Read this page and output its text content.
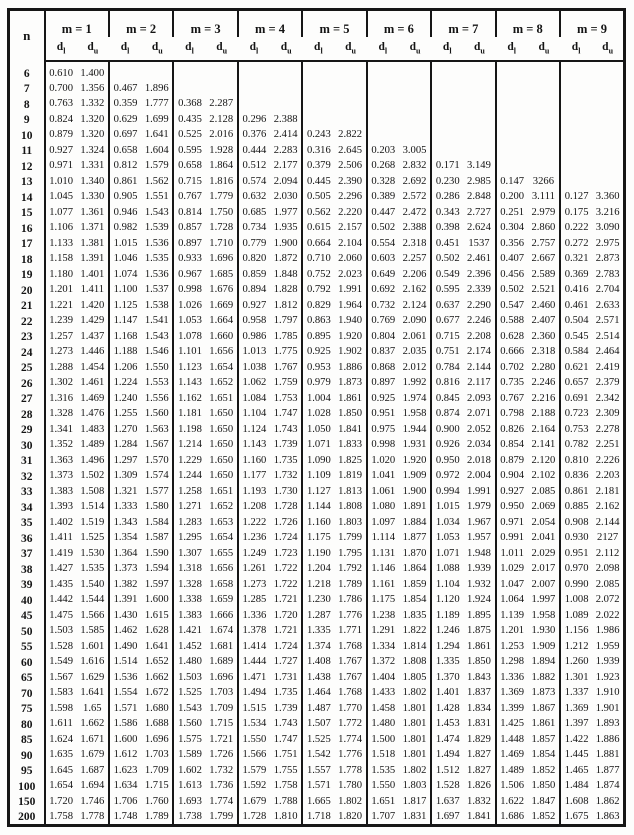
n	m = 1		m = 2		m = 3		m = 4		m = 5		m = 6		m = 7		m = 8		m = 9	
	$d_l$	$d_u$	$d_l$	$d_u$	$d_l$	$d_u$	$d_l$	$d_u$	$d_l$	$d_u$	$d_l$	$d_u$	$d_l$	$d_u$	$d_l$	$d_u$	$d_l$	$d_u$
6	0.610	1.400																
7	0.700	1.356	0.467	1.896														
8	0.763	1.332	0.359	1.777	0.368	2.287												
9	0.824	1.320	0.629	1.699	0.435	2.128	0.296	2.388										
10	0.879	1.320	0.697	1.641	0.525	2.016	0.376	2.414	0.243	2.822								
11	0.927	1.324	0.658	1.604	0.595	1.928	0.444	2.283	0.316	2.645	0.203	3.005						
12	0.971	1.331	0.812	1.579	0.658	1.864	0.512	2.177	0.379	2.506	0.268	2.832	0.171	3.149				
13	1.010	1.340	0.861	1.562	0.715	1.816	0.574	2.094	0.445	2.390	0.328	2.692	0.230	2.985	0.147	3266		
14	1.045	1.330	0.905	1.551	0.767	1.779	0.632	2.030	0.505	2.296	0.389	2.572	0.286	2.848	0.200	3.111	0.127	3.360
15	1.077	1.361	0.946	1.543	0.814	1.750	0.685	1.977	0.562	2.220	0.447	2.472	0.343	2.727	0.251	2.979	0.175	3.216
16	1.106	1.371	0.982	1.539	0.857	1.728	0.734	1.935	0.615	2.157	0.502	2.388	0.398	2.624	0.304	2.860	0.222	3.090
17	1.133	1.381	1.015	1.536	0.897	1.710	0.779	1.900	0.664	2.104	0.554	2.318	0.451	1537	0.356	2.757	0.272	2.975
18	1.158	1.391	1.046	1.535	0.933	1.696	0.820	1.872	0.710	2.060	0.603	2.257	0.502	2.461	0.407	2.667	0.321	2.873
19	1.180	1.401	1.074	1.536	0.967	1.685	0.859	1.848	0.752	2.023	0.649	2.206	0.549	2.396	0.456	2.589	0.369	2.783
20	1.201	1.411	1.100	1.537	0.998	1.676	0.894	1.828	0.792	1.991	0.692	2.162	0.595	2.339	0.502	2.521	0.416	2.704
21	1.221	1.420	1.125	1.538	1.026	1.669	0.927	1.812	0.829	1.964	0.732	2.124	0.637	2.290	0.547	2.460	0.461	2.633
22	1.239	1.429	1.147	1.541	1.053	1.664	0.958	1.797	0.863	1.940	0.769	2.090	0.677	2.246	0.588	2.407	0.504	2.571
23	1.257	1.437	1.168	1.543	1.078	1.660	0.986	1.785	0.895	1.920	0.804	2.061	0.715	2.208	0.628	2.360	0.545	2.514
24	1.273	1.446	1.188	1.546	1.101	1.656	1.013	1.775	0.925	1.902	0.837	2.035	0.751	2.174	0.666	2.318	0.584	2.464
25	1.288	1.454	1.206	1.550	1.123	1.654	1.038	1.767	0.953	1.886	0.868	2.012	0.784	2.144	0.702	2.280	0.621	2.419
26	1.302	1.461	1.224	1.553	1.143	1.652	1.062	1.759	0.979	1.873	0.897	1.992	0.816	2.117	0.735	2.246	0.657	2.379
27	1.316	1.469	1.240	1.556	1.162	1.651	1.084	1.753	1.004	1.861	0.925	1.974	0.845	2.093	0.767	2.216	0.691	2.342
28	1.328	1.476	1.255	1.560	1.181	1.650	1.104	1.747	1.028	1.850	0.951	1.958	0.874	2.071	0.798	2.188	0.723	2.309
29	1.341	1.483	1.270	1.563	1.198	1.650	1.124	1.743	1.050	1.841	0.975	1.944	0.900	2.052	0.826	2.164	0.753	2.278
30	1.352	1.489	1.284	1.567	1.214	1.650	1.143	1.739	1.071	1.833	0.998	1.931	0.926	2.034	0.854	2.141	0.782	2.251
31	1.363	1.496	1.297	1.570	1.229	1.650	1.160	1.735	1.090	1.825	1.020	1.920	0.950	2.018	0.879	2.120	0.810	2.226
32	1.373	1.502	1.309	1.574	1.244	1.650	1.177	1.732	1.109	1.819	1.041	1.909	0.972	2.004	0.904	2.102	0.836	2.203
33	1.383	1.508	1.321	1.577	1.258	1.651	1.193	1.730	1.127	1.813	1.061	1.900	0.994	1.991	0.927	2.085	0.861	2.181
34	1.393	1.514	1.333	1.580	1.271	1.652	1.208	1.728	1.144	1.808	1.080	1.891	1.015	1.979	0.950	2.069	0.885	2.162
35	1.402	1.519	1.343	1.584	1.283	1.653	1.222	1.726	1.160	1.803	1.097	1.884	1.034	1.967	0.971	2.054	0.908	2.144
36	1.411	1.525	1.354	1.587	1.295	1.654	1.236	1.724	1.175	1.799	1.114	1.877	1.053	1.957	0.991	2.041	0.930	2127
37	1.419	1.530	1.364	1.590	1.307	1.655	1.249	1.723	1.190	1.795	1.131	1.870	1.071	1.948	1.011	2.029	0.951	2.112
38	1.427	1.535	1.373	1.594	1.318	1.656	1.261	1.722	1.204	1.792	1.146	1.864	1.088	1.939	1.029	2.017	0.970	2.098
39	1.435	1.540	1.382	1.597	1.328	1.658	1.273	1.722	1.218	1.789	1.161	1.859	1.104	1.932	1.047	2.007	0.990	2.085
40	1.442	1.544	1.391	1.600	1.338	1.659	1.285	1.721	1.230	1.786	1.175	1.854	1.120	1.924	1.064	1.997	1.008	2.072
45	1.475	1.566	1.430	1.615	1.383	1.666	1.336	1.720	1.287	1.776	1.238	1.835	1.189	1.895	1.139	1.958	1.089	2.022
50	1.503	1.585	1.462	1.628	1.421	1.674	1.378	1.721	1.335	1.771	1.291	1.822	1.246	1.875	1.201	1.930	1.156	1.986
55	1.528	1.601	1.490	1.641	1.452	1.681	1.414	1.724	1.374	1.768	1.334	1.814	1.294	1.861	1.253	1.909	1.212	1.959
60	1.549	1.616	1.514	1.652	1.480	1.689	1.444	1.727	1.408	1.767	1.372	1.808	1.335	1.850	1.298	1.894	1.260	1.939
65	1.567	1.629	1.536	1.662	1.503	1.696	1.471	1.731	1.438	1.767	1.404	1.805	1.370	1.843	1.336	1.882	1.301	1.923
70	1.583	1.641	1.554	1.672	1.525	1.703	1.494	1.735	1.464	1.768	1.433	1.802	1.401	1.837	1.369	1.873	1.337	1.910
75	1.598	1.65	1.571	1.680	1.543	1.709	1.515	1.739	1.487	1.770	1.458	1.801	1.428	1.834	1.399	1.867	1.369	1.901
80	1.611	1.662	1.586	1.688	1.560	1.715	1.534	1.743	1.507	1.772	1.480	1.801	1.453	1.831	1.425	1.861	1.397	1.893
85	1.624	1.671	1.600	1.696	1.575	1.721	1.550	1.747	1.525	1.774	1.500	1.801	1.474	1.829	1.448	1.857	1.422	1.886
90	1.635	1.679	1.612	1.703	1.589	1.726	1.566	1.751	1.542	1.776	1.518	1.801	1.494	1.827	1.469	1.854	1.445	1.881
95	1.645	1.687	1.623	1.709	1.602	1.732	1.579	1.755	1.557	1.778	1.535	1.802	1.512	1.827	1.489	1.852	1.465	1.877
100	1.654	1.694	1.634	1.715	1.613	1.736	1.592	1.758	1.571	1.780	1.550	1.803	1.528	1.826	1.506	1.850	1.484	1.874
150	1.720	1.746	1.706	1.760	1.693	1.774	1.679	1.788	1.665	1.802	1.651	1.817	1.637	1.832	1.622	1.847	1.608	1.862
200	1.758	1.778	1.748	1.789	1.738	1.799	1.728	1.810	1.718	1.820	1.707	1.831	1.697	1.841	1.686	1.852	1.675	1.863
